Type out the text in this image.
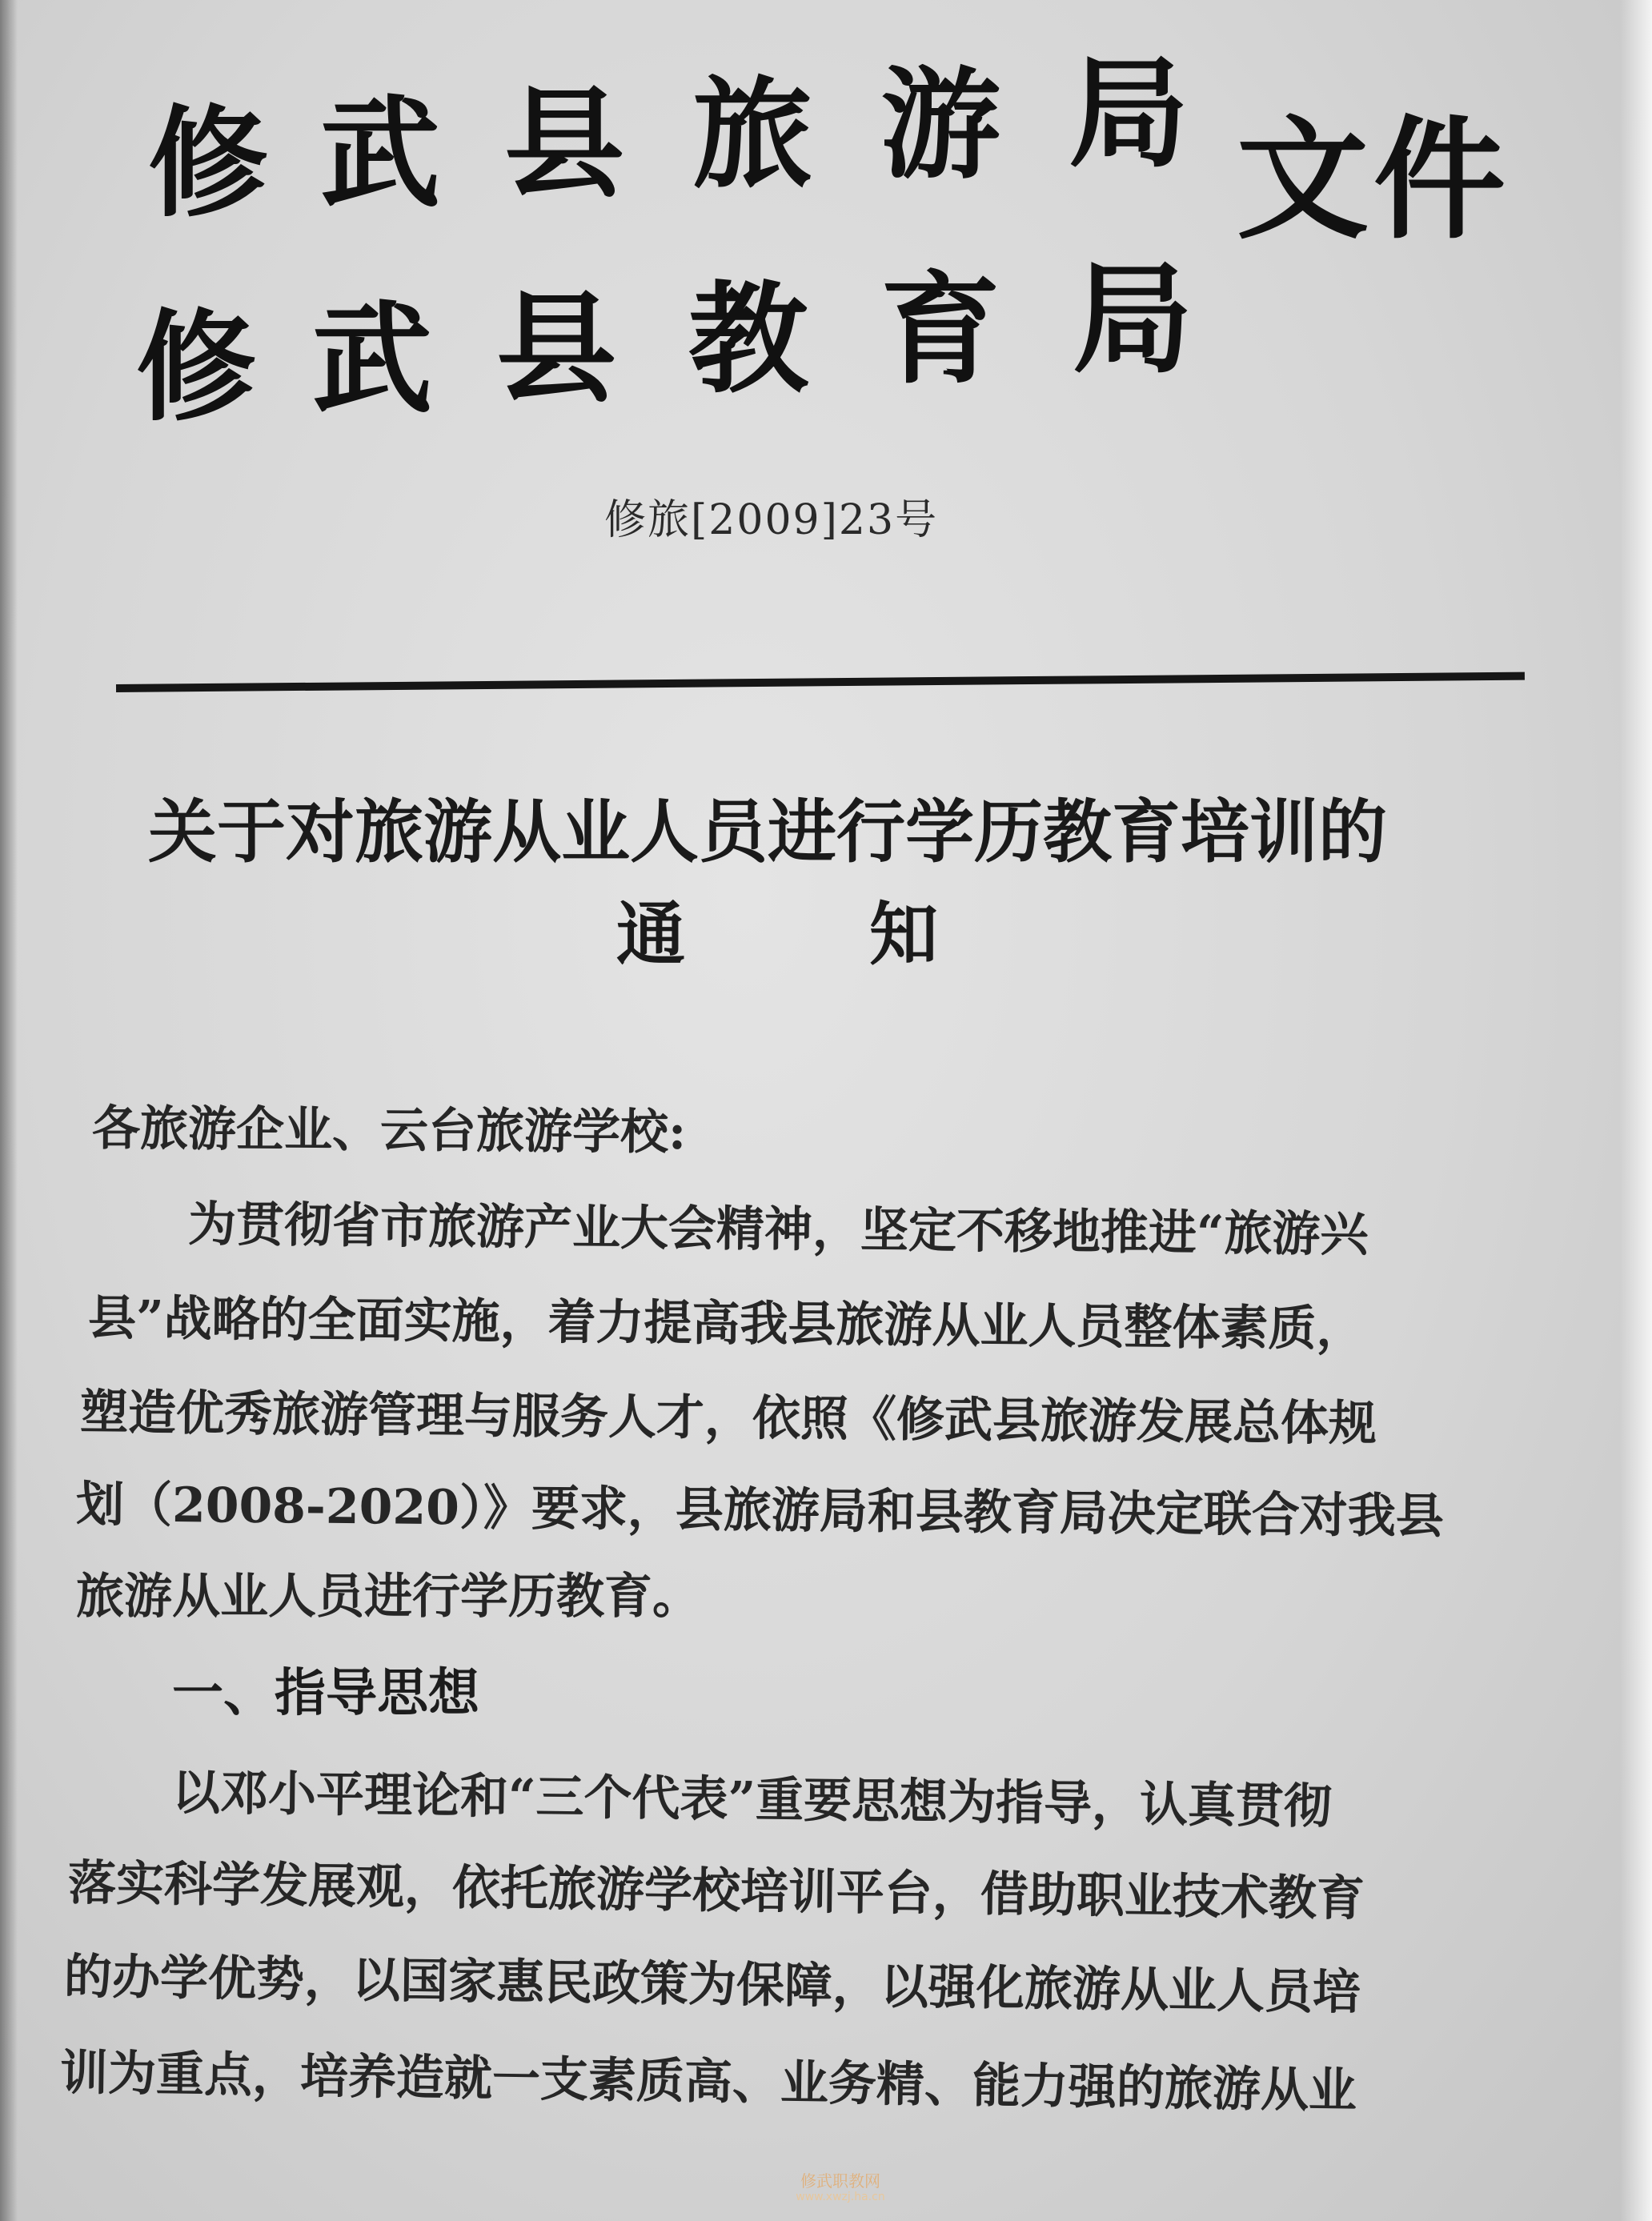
修 武 县 旅 游 局
修 武 县 教 育 局
文件
修旅[2009]23号
关于对旅游从业人员进行学历教育培训的
通知
各旅游企业、云台旅游学校:
为贯彻省市旅游产业大会精神，坚定不移地推进“旅游兴
县”战略的全面实施，着力提高我县旅游从业人员整体素质，
塑造优秀旅游管理与服务人才，依照《修武县旅游发展总体规
划（2008-2020）》要求，县旅游局和县教育局决定联合对我县
旅游从业人员进行学历教育。
一、指导思想
以邓小平理论和“三个代表”重要思想为指导，认真贯彻
落实科学发展观，依托旅游学校培训平台，借助职业技术教育
的办学优势，以国家惠民政策为保障，以强化旅游从业人员培
训为重点，培养造就一支素质高、业务精、能力强的旅游从业
修武职教网
www.xwzj.ha.cn
